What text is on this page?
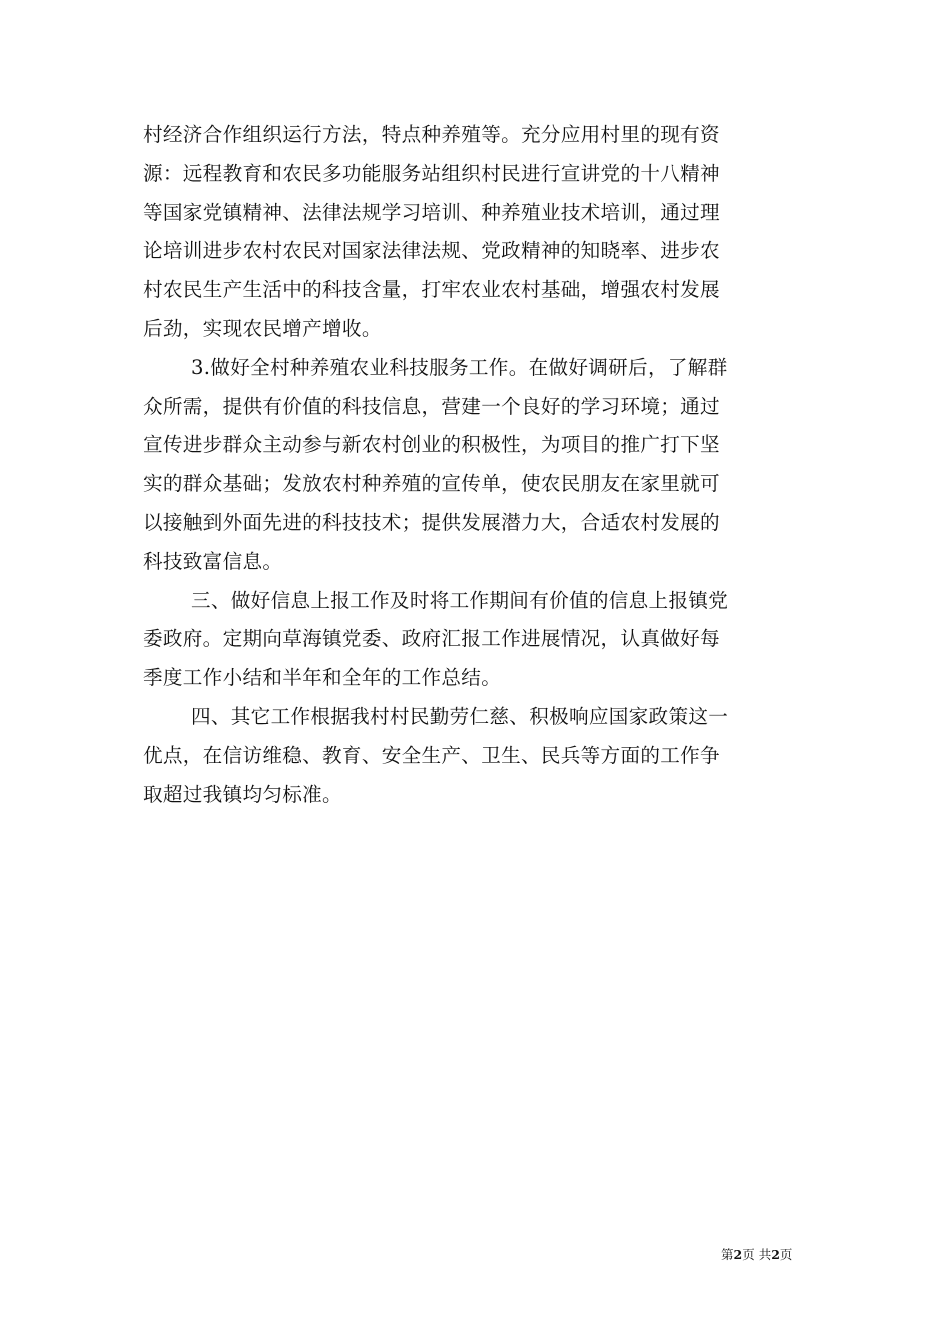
村经济合作组织运行方法，特点种养殖等。充分应用村里的现有资
源：远程教育和农民多功能服务站组织村民进行宣讲党的十八精神
等国家党镇精神、法律法规学习培训、种养殖业技术培训，通过理
论培训进步农村农民对国家法律法规、党政精神的知晓率、进步农
村农民生产生活中的科技含量，打牢农业农村基础，增强农村发展
后劲，实现农民增产增收。
3.做好全村种养殖农业科技服务工作。在做好调研后，了解群
众所需，提供有价值的科技信息，营建一个良好的学习环境；通过
宣传进步群众主动参与新农村创业的积极性，为项目的推广打下坚
实的群众基础；发放农村种养殖的宣传单，使农民朋友在家里就可
以接触到外面先进的科技技术；提供发展潜力大，合适农村发展的
科技致富信息。
三、做好信息上报工作及时将工作期间有价值的信息上报镇党
委政府。定期向草海镇党委、政府汇报工作进展情况，认真做好每
季度工作小结和半年和全年的工作总结。
四、其它工作根据我村村民勤劳仁慈、积极响应国家政策这一
优点，在信访维稳、教育、安全生产、卫生、民兵等方面的工作争
取超过我镇均匀标准。
第2页 共2页
